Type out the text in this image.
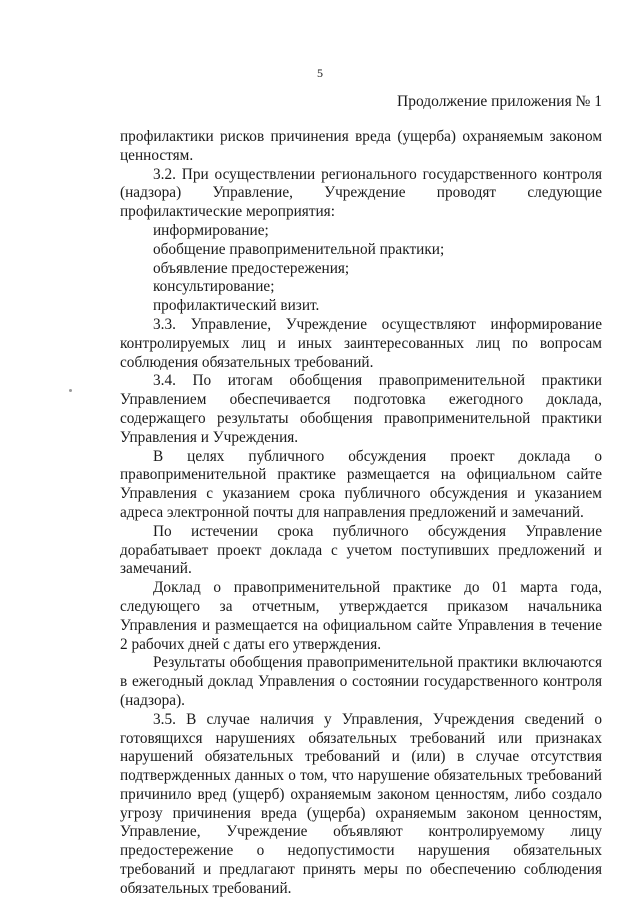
5
Продолжение приложения № 1

профилактики рисков причинения вреда (ущерба) охраняемым законом ценностям.

3.2. При осуществлении регионального государственного контроля (надзора) Управление, Учреждение проводят следующие профилактические мероприятия:

информирование;

обобщение правоприменительной практики;

объявление предостережения;

консультирование;

профилактический визит.

3.3. Управление, Учреждение осуществляют информирование контролируемых лиц и иных заинтересованных лиц по вопросам соблюдения обязательных требований.

3.4. По итогам обобщения правоприменительной практики Управлением обеспечивается подготовка ежегодного доклада, содержащего результаты обобщения правоприменительной практики Управления и Учреждения.

В целях публичного обсуждения проект доклада о правоприменительной практике размещается на официальном сайте Управления с указанием срока публичного обсуждения и указанием адреса электронной почты для направления предложений и замечаний.

По истечении срока публичного обсуждения Управление дорабатывает проект доклада с учетом поступивших предложений и замечаний.

Доклад о правоприменительной практике до 01 марта года, следующего за отчетным, утверждается приказом начальника Управления и размещается на официальном сайте Управления в течение 2 рабочих дней с даты его утверждения.

Результаты обобщения правоприменительной практики включаются в ежегодный доклад Управления о состоянии государственного контроля (надзора).

3.5. В случае наличия у Управления, Учреждения сведений о готовящихся нарушениях обязательных требований или признаках нарушений обязательных требований и (или) в случае отсутствия подтвержденных данных о том, что нарушение обязательных требований причинило вред (ущерб) охраняемым законом ценностям, либо создало угрозу причинения вреда (ущерба) охраняемым законом ценностям, Управление, Учреждение объявляют контролируемому лицу предостережение о недопустимости нарушения обязательных требований и предлагают принять меры по обеспечению соблюдения обязательных требований.
